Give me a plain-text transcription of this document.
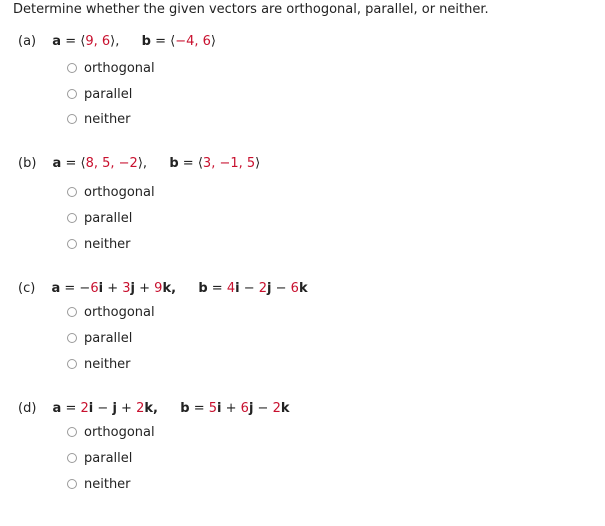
Determine whether the given vectors are orthogonal, parallel, or neither.
(a) a = ⟨9, 6⟩, b = ⟨−4, 6⟩
orthogonal
parallel
neither
(b) a = ⟨8, 5, −2⟩, b = ⟨3, −1, 5⟩
orthogonal
parallel
neither
(c) a = −6i + 3j + 9k, b = 4i − 2j − 6k
orthogonal
parallel
neither
(d) a = 2i − j + 2k, b = 5i + 6j − 2k
orthogonal
parallel
neither
